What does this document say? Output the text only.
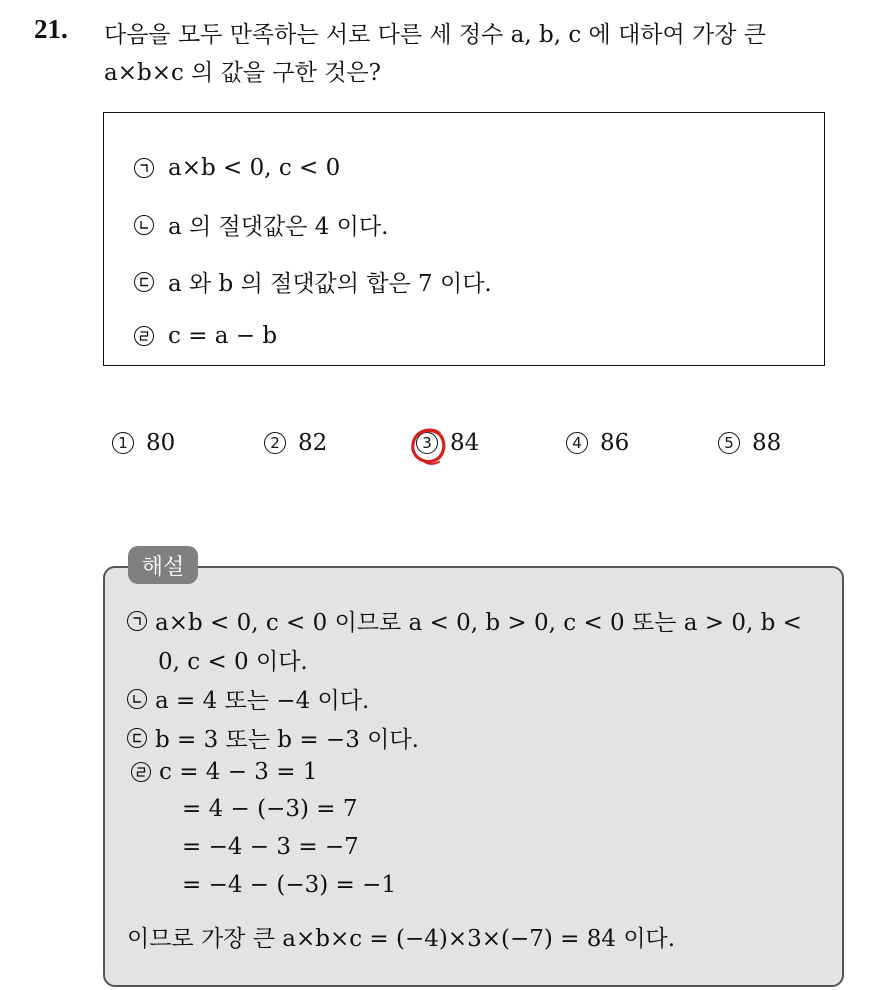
21. 다음을 모두 만족하는 서로 다른 세 정수 a, b, c 에 대하여 가장 큰
a×b×c 의 값을 구한 것은?
a×b < 0, c < 0
a 의 절댓값은 4 이다.
a 와 b 의 절댓값의 합은 7 이다.
c = a − b
1 80	2 82	3 84	4 86	5 88
해설
a×b < 0, c < 0 이므로 a < 0, b > 0, c < 0 또는 a > 0, b <
0, c < 0 이다.
a = 4 또는 −4 이다.
b = 3 또는 b = −3 이다.
c = 4 − 3 = 1
= 4 − (−3) = 7
= −4 − 3 = −7
= −4 − (−3) = −1
이므로 가장 큰 a×b×c = (−4)×3×(−7) = 84 이다.
